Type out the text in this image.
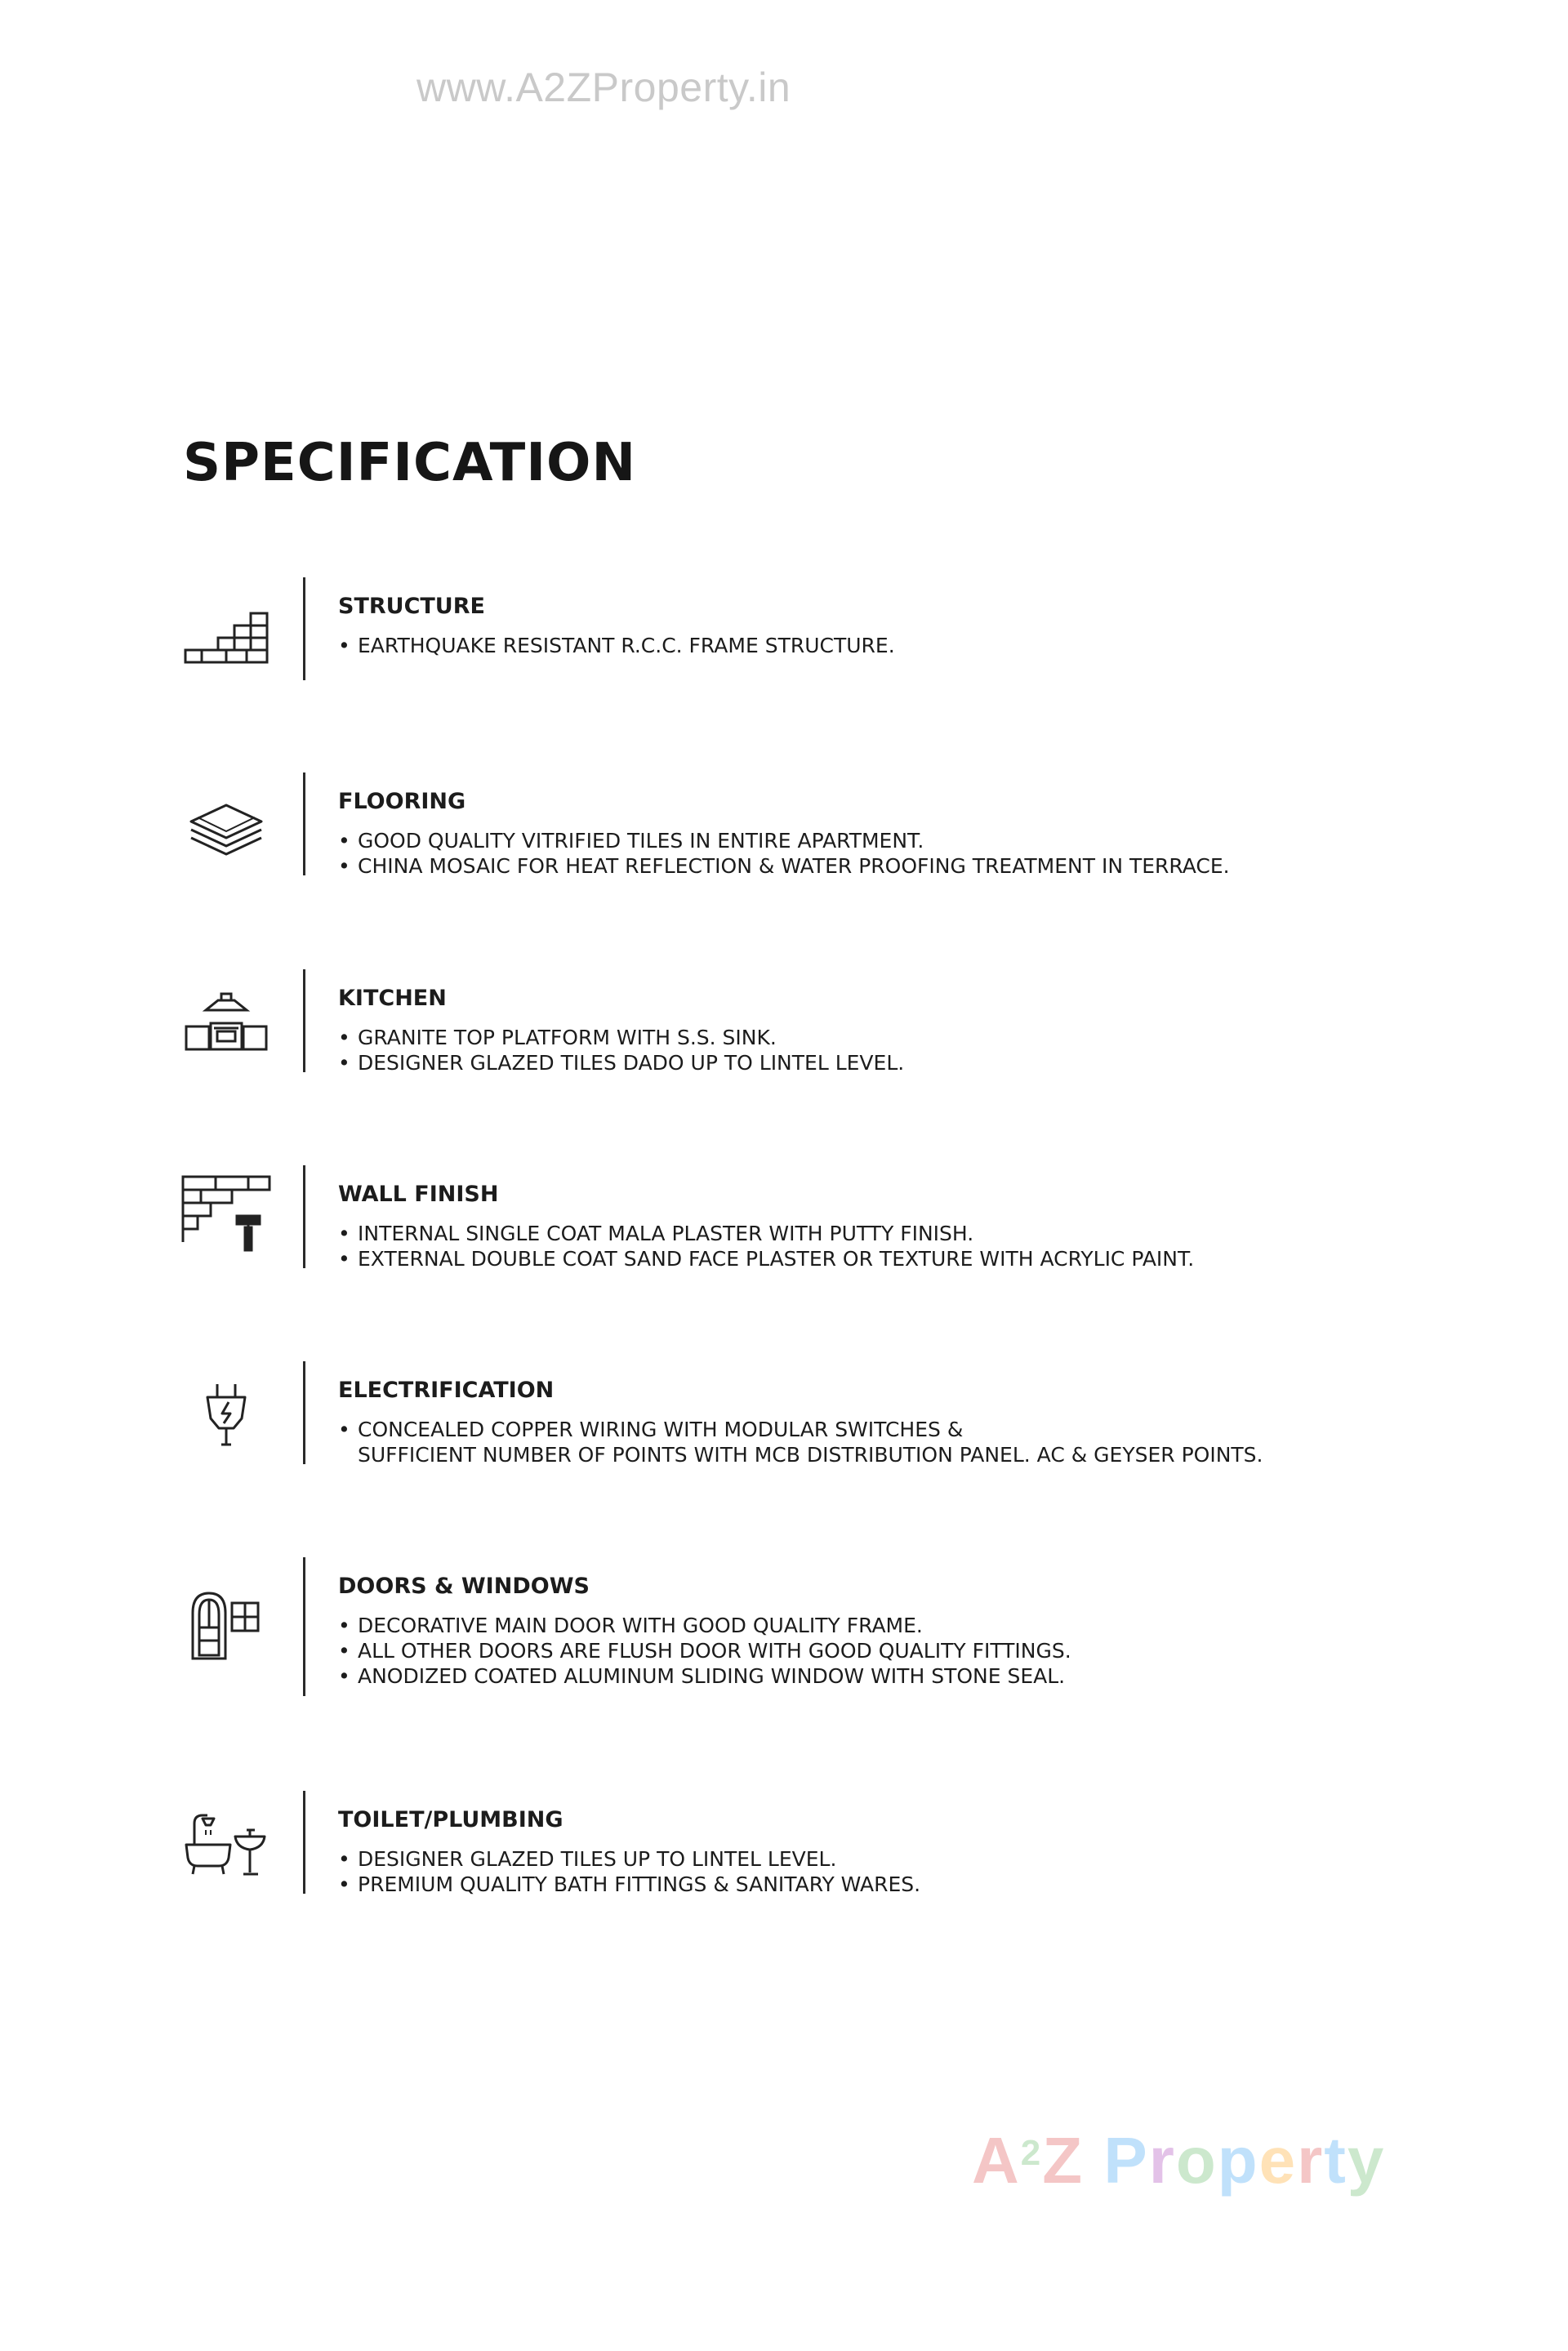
www.A2ZProperty.in
SPECIFICATION
STRUCTURE
• EARTHQUAKE RESISTANT R.C.C. FRAME STRUCTURE.
FLOORING
• GOOD QUALITY VITRIFIED TILES IN ENTIRE APARTMENT.
• CHINA MOSAIC FOR HEAT REFLECTION & WATER PROOFING TREATMENT IN TERRACE.
KITCHEN
• GRANITE TOP PLATFORM WITH S.S. SINK.
• DESIGNER GLAZED TILES DADO UP TO LINTEL LEVEL.
WALL FINISH
• INTERNAL SINGLE COAT MALA PLASTER WITH PUTTY FINISH.
• EXTERNAL DOUBLE COAT SAND FACE PLASTER OR TEXTURE WITH ACRYLIC PAINT.
ELECTRIFICATION
• CONCEALED COPPER WIRING WITH MODULAR SWITCHES &
SUFFICIENT NUMBER OF POINTS WITH MCB DISTRIBUTION PANEL. AC & GEYSER POINTS.
DOORS & WINDOWS
• DECORATIVE MAIN DOOR WITH GOOD QUALITY FRAME.
• ALL OTHER DOORS ARE FLUSH DOOR WITH GOOD QUALITY FITTINGS.
• ANODIZED COATED ALUMINUM SLIDING WINDOW WITH STONE SEAL.
TOILET/PLUMBING
• DESIGNER GLAZED TILES UP TO LINTEL LEVEL.
• PREMIUM QUALITY BATH FITTINGS & SANITARY WARES.
A2Z Property
